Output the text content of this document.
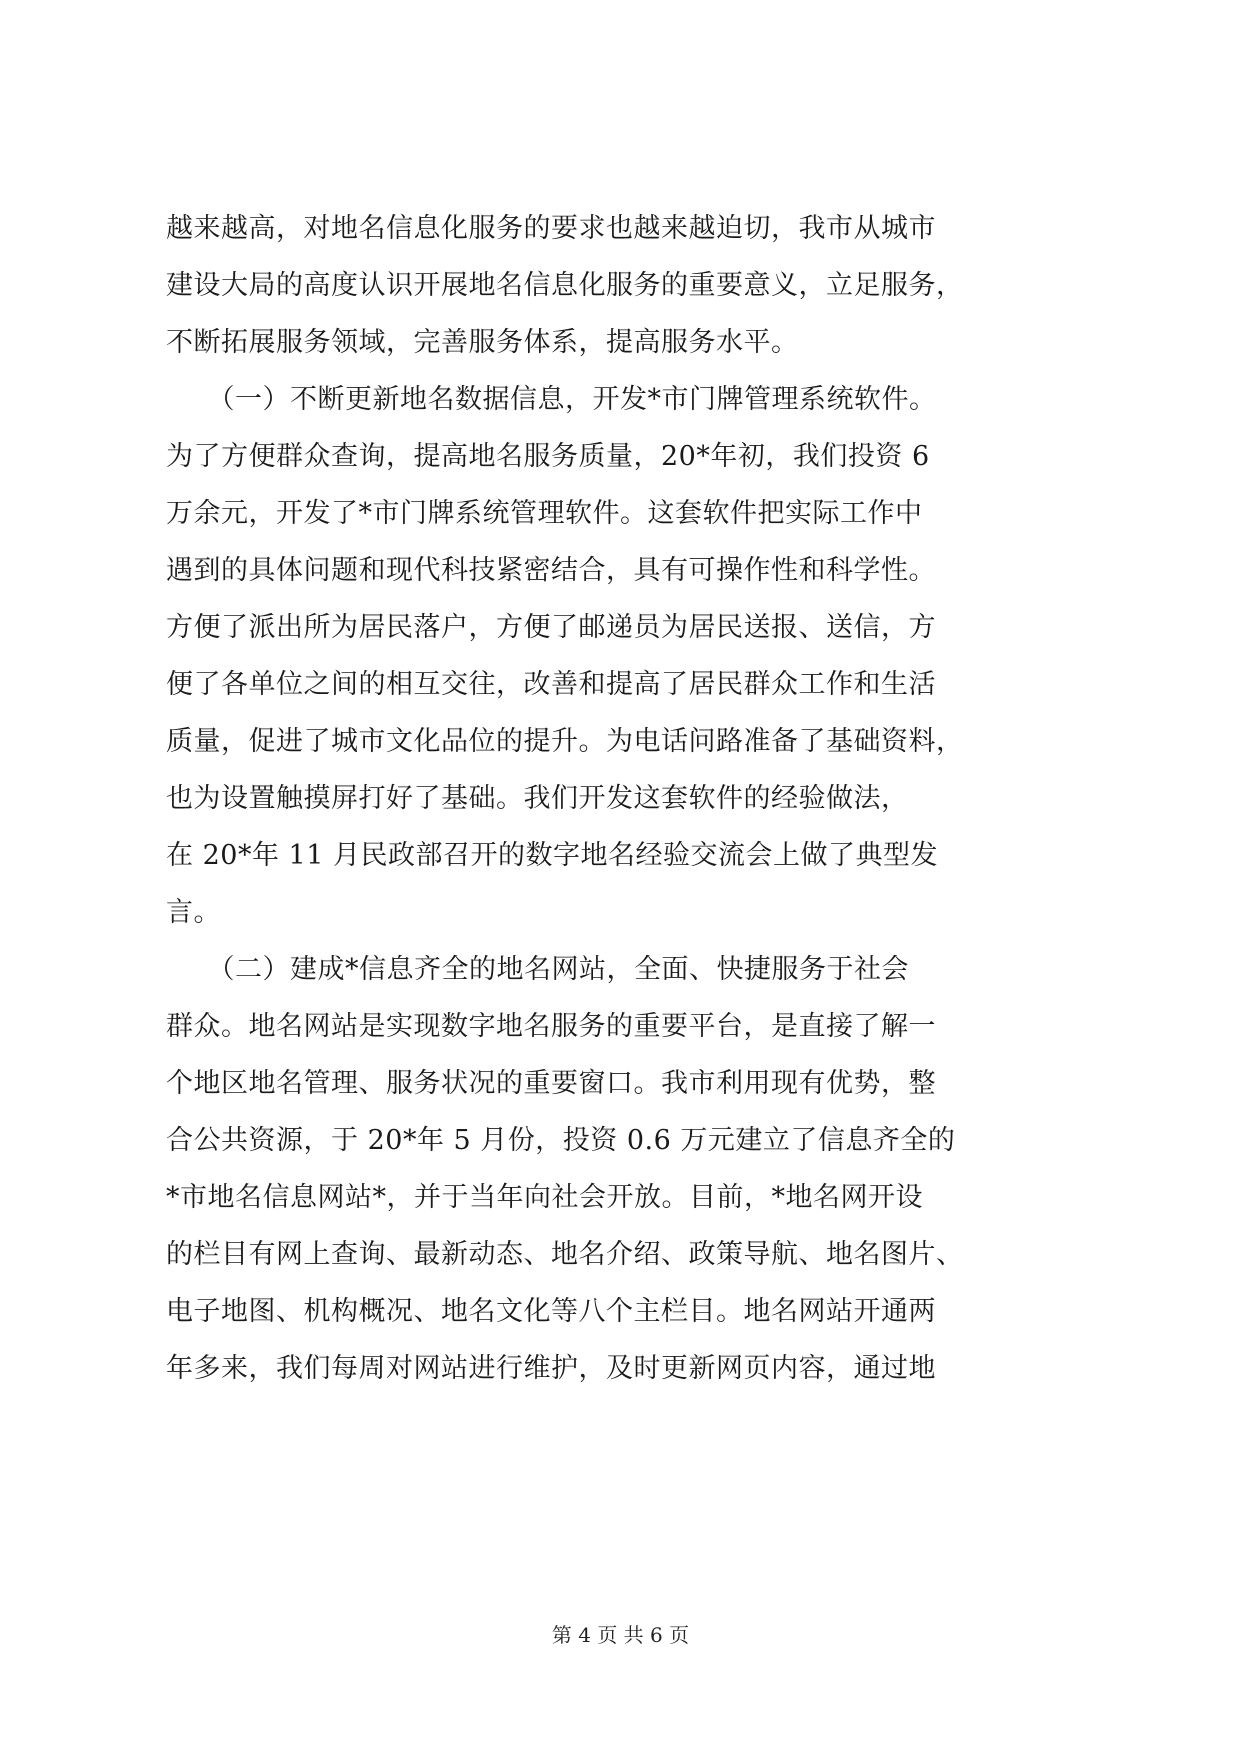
越来越高，对地名信息化服务的要求也越来越迫切，我市从城市
建设大局的高度认识开展地名信息化服务的重要意义，立足服务，
不断拓展服务领域，完善服务体系，提高服务水平。
　　（一）不断更新地名数据信息，开发*市门牌管理系统软件。
为了方便群众查询，提高地名服务质量，20*年初，我们投资 6
万余元，开发了*市门牌系统管理软件。这套软件把实际工作中
遇到的具体问题和现代科技紧密结合，具有可操作性和科学性。
方便了派出所为居民落户，方便了邮递员为居民送报、送信，方
便了各单位之间的相互交往，改善和提高了居民群众工作和生活
质量，促进了城市文化品位的提升。为电话问路准备了基础资料，
也为设置触摸屏打好了基础。我们开发这套软件的经验做法，
在 20*年 11 月民政部召开的数字地名经验交流会上做了典型发
言。
　　（二）建成*信息齐全的地名网站，全面、快捷服务于社会
群众。地名网站是实现数字地名服务的重要平台，是直接了解一
个地区地名管理、服务状况的重要窗口。我市利用现有优势，整
合公共资源，于 20*年 5 月份，投资 0.6 万元建立了信息齐全的
*市地名信息网站*，并于当年向社会开放。目前，*地名网开设
的栏目有网上查询、最新动态、地名介绍、政策导航、地名图片、
电子地图、机构概况、地名文化等八个主栏目。地名网站开通两
年多来，我们每周对网站进行维护，及时更新网页内容，通过地
第 4 页 共 6 页
